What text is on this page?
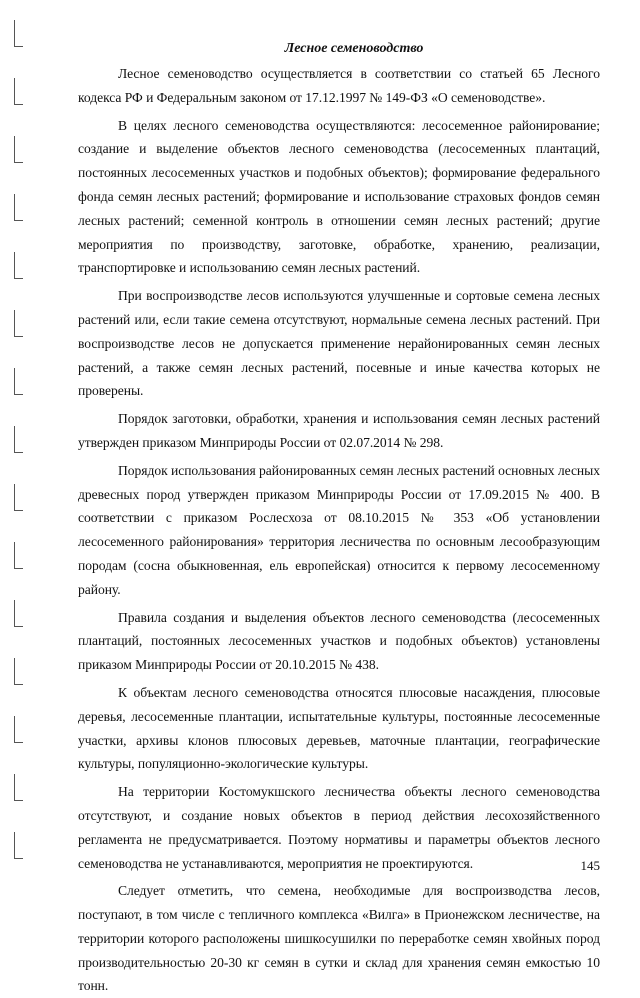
Лесное семеноводство

Лесное семеноводство осуществляется в соответствии со статьей 65 Лесного кодекса РФ и Федеральным законом от 17.12.1997 № 149-ФЗ «О семеноводстве».

В целях лесного семеноводства осуществляются: лесосеменное районирование; создание и выделение объектов лесного семеноводства (лесосеменных плантаций, постоянных лесосеменных участков и подобных объектов); формирование федерального фонда семян лесных растений; формирование и использование страховых фондов семян лесных растений; семенной контроль в отношении семян лесных растений; другие мероприятия по производству, заготовке, обработке, хранению, реализации, транспортировке и использованию семян лесных растений.

При воспроизводстве лесов используются улучшенные и сортовые семена лесных растений или, если такие семена отсутствуют, нормальные семена лесных растений. При воспроизводстве лесов не допускается применение нерайонированных семян лесных растений, а также семян лесных растений, посевные и иные качества которых не проверены.

Порядок заготовки, обработки, хранения и использования семян лесных растений утвержден приказом Минприроды России от 02.07.2014 № 298.

Порядок использования районированных семян лесных растений основных лесных древесных пород утвержден приказом Минприроды России от 17.09.2015 № 400. В соответствии с приказом Рослесхоза от 08.10.2015 № 353 «Об установлении лесосеменного районирования» территория лесничества по основным лесообразующим породам (сосна обыкновенная, ель европейская) относится к первому лесосеменному району.

Правила создания и выделения объектов лесного семеноводства (лесосеменных плантаций, постоянных лесосеменных участков и подобных объектов) установлены приказом Минприроды России от 20.10.2015 № 438.

К объектам лесного семеноводства относятся плюсовые насаждения, плюсовые деревья, лесосеменные плантации, испытательные культуры, постоянные лесосеменные участки, архивы клонов плюсовых деревьев, маточные плантации, географические культуры, популяционно-экологические культуры.

На территории Костомукшского лесничества объекты лесного семеноводства отсутствуют, и создание новых объектов в период действия лесохозяйственного регламента не предусматривается. Поэтому нормативы и параметры объектов лесного семеноводства не устанавливаются, мероприятия не проектируются.

Следует отметить, что семена, необходимые для воспроизводства лесов, поступают, в том числе с тепличного комплекса «Вилга» в Прионежском лесничестве, на территории которого расположены шишкосушилки по переработке семян хвойных пород производительностью 20-30 кг семян в сутки и склад для хранения семян емкостью 10 тонн.

145
